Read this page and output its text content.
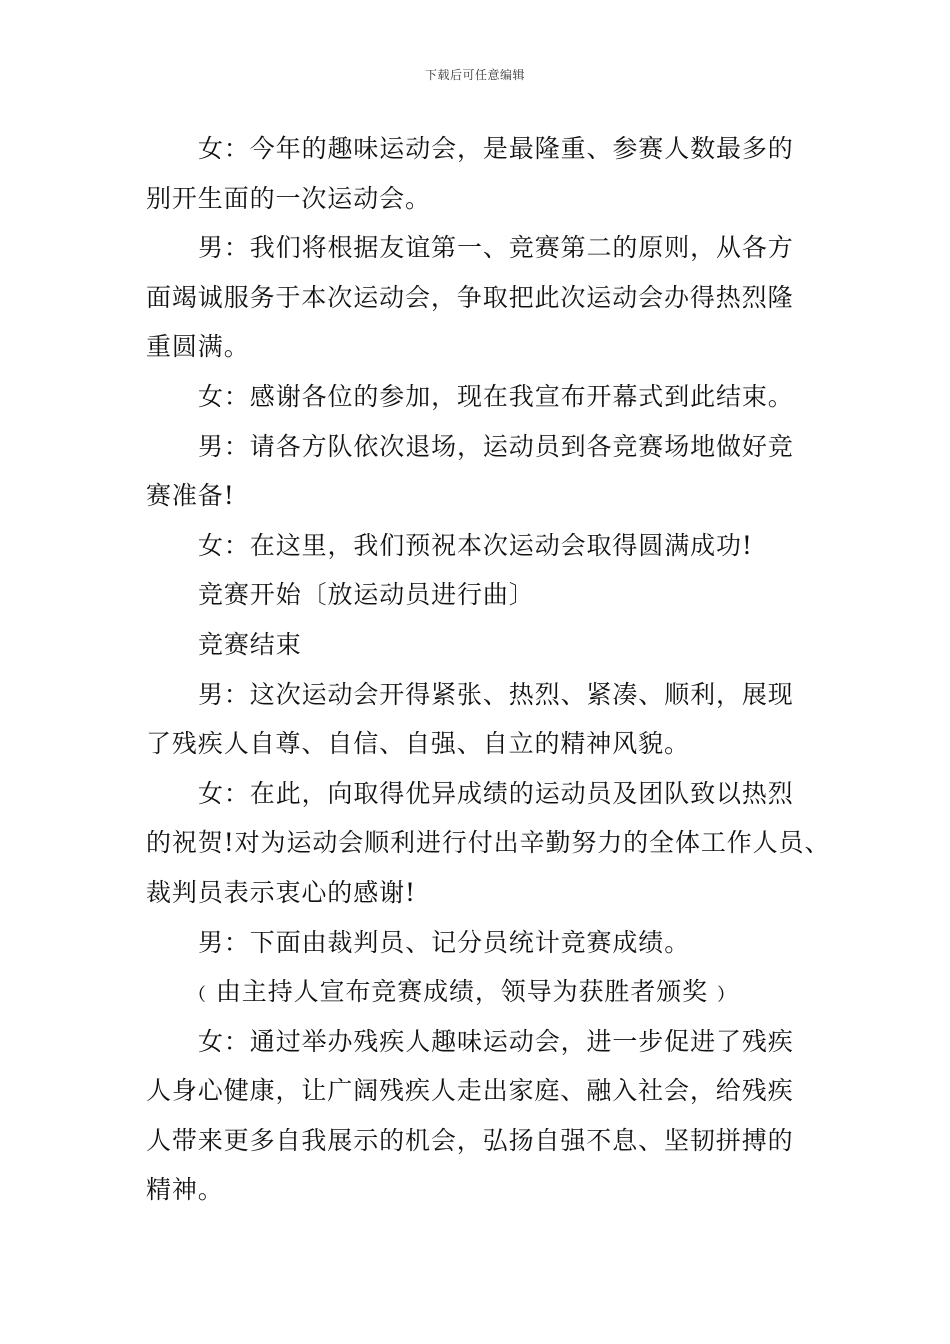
下载后可任意编辑
女：今年的趣味运动会，是最隆重、参赛人数最多的
别开生面的一次运动会。
男：我们将根据友谊第一、竞赛第二的原则，从各方
面竭诚服务于本次运动会，争取把此次运动会办得热烈隆
重圆满。
女：感谢各位的参加，现在我宣布开幕式到此结束。
男：请各方队依次退场，运动员到各竞赛场地做好竞
赛准备!
女：在这里，我们预祝本次运动会取得圆满成功!
竞赛开始〔放运动员进行曲〕
竞赛结束
男：这次运动会开得紧张、热烈、紧凑、顺利，展现
了残疾人自尊、自信、自强、自立的精神风貌。
女：在此，向取得优异成绩的运动员及团队致以热烈
的祝贺!对为运动会顺利进行付出辛勤努力的全体工作人员、
裁判员表示衷心的感谢!
男：下面由裁判员、记分员统计竞赛成绩。
﹙由主持人宣布竞赛成绩，领导为获胜者颁奖﹚
女：通过举办残疾人趣味运动会，进一步促进了残疾
人身心健康，让广阔残疾人走出家庭、融入社会，给残疾
人带来更多自我展示的机会，弘扬自强不息、坚韧拼搏的
精神。
